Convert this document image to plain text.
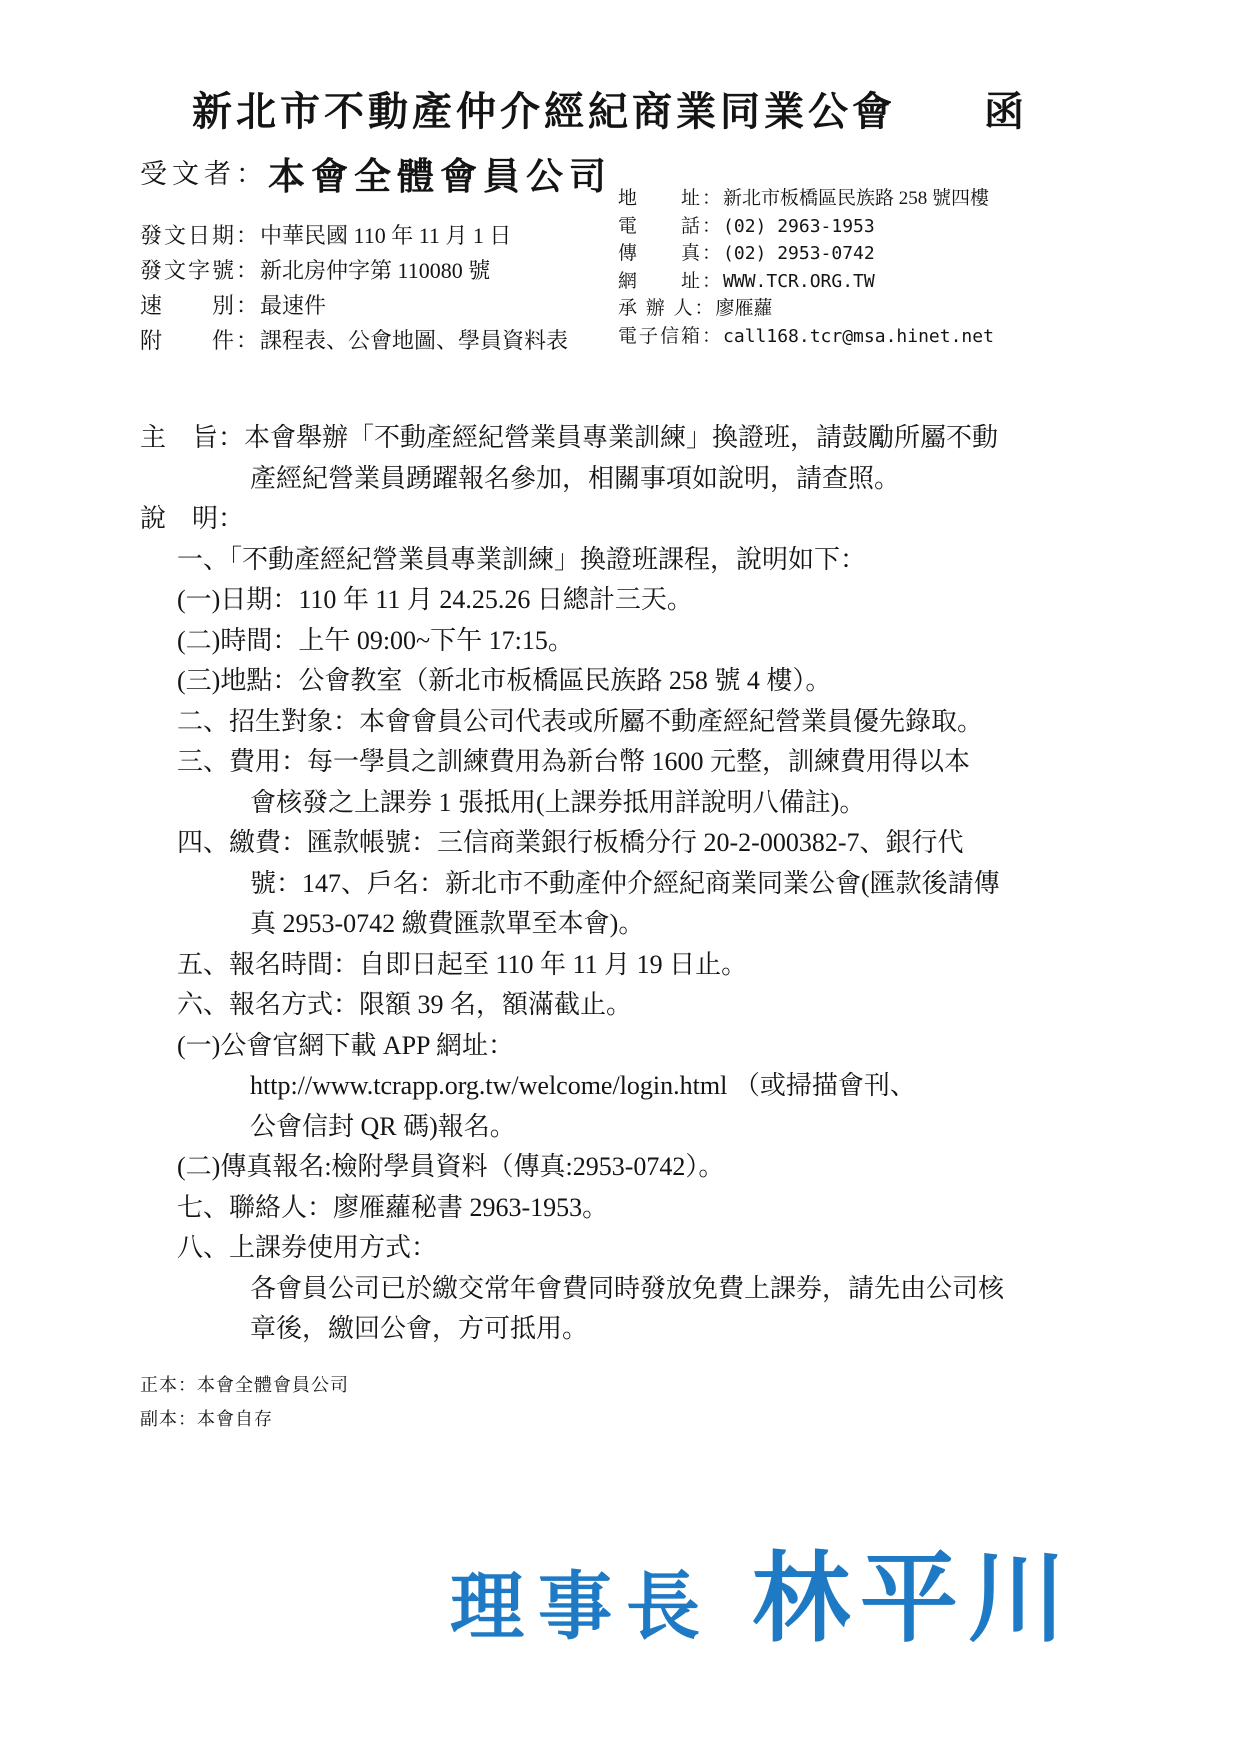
新北市不動產仲介經紀商業同業公會　　函
受文者：本會全體會員公司
發文日期：中華民國 110 年 11 月 1 日
發文字號：新北房仲字第 110080 號
速　　別：最速件
附　　件：課程表、公會地圖、學員資料表
地　　址：新北市板橋區民族路 258 號四樓
電　　話：(02) 2963-1953
傳　　真：(02) 2953-0742
網　　址：WWW.TCR.ORG.TW
承 辦 人：廖雁蘿
電子信箱：call168.tcr@msa.hinet.net
主　旨：本會舉辦「不動產經紀營業員專業訓練」換證班，請鼓勵所屬不動
產經紀營業員踴躍報名參加，相關事項如說明，請查照。
說　明：
一、「不動產經紀營業員專業訓練」換證班課程，說明如下：
(一)日期：110 年 11 月 24.25.26 日總計三天。
(二)時間：上午 09:00~下午 17:15。
(三)地點：公會教室（新北市板橋區民族路 258 號 4 樓）。
二、招生對象：本會會員公司代表或所屬不動產經紀營業員優先錄取。
三、費用：每一學員之訓練費用為新台幣 1600 元整，訓練費用得以本
會核發之上課券 1 張抵用(上課券抵用詳說明八備註)。
四、繳費：匯款帳號：三信商業銀行板橋分行 20-2-000382-7、銀行代
號：147、戶名：新北市不動產仲介經紀商業同業公會(匯款後請傳
真 2953-0742 繳費匯款單至本會)。
五、報名時間：自即日起至 110 年 11 月 19 日止。
六、報名方式：限額 39 名，額滿截止。
(一)公會官網下載 APP 網址：
http://www.tcrapp.org.tw/welcome/login.html （或掃描會刊、
公會信封 QR 碼)報名。
(二)傳真報名:檢附學員資料（傳真:2953-0742）。
七、聯絡人：廖雁蘿秘書 2963-1953。
八、上課券使用方式：
各會員公司已於繳交常年會費同時發放免費上課券，請先由公司核
章後，繳回公會，方可抵用。
正本：本會全體會員公司
副本：本會自存
理事長 林平川
